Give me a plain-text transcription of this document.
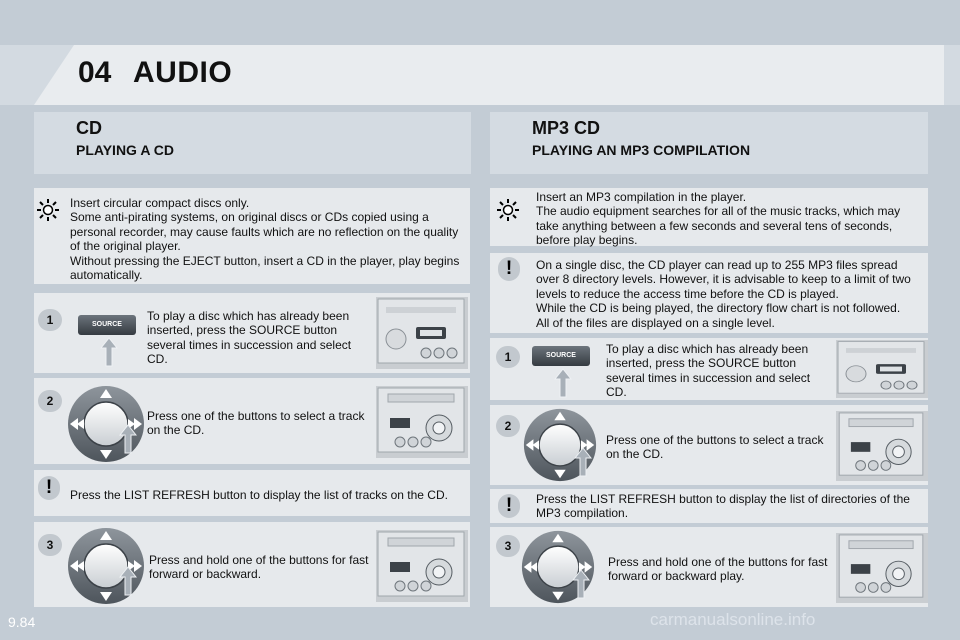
04 AUDIO
CD
PLAYING A CD
MP3 CD
PLAYING AN MP3 COMPILATION
Insert circular compact discs only.
Some anti-pirating systems, on original discs or CDs copied using a personal recorder, may cause faults which are no reflection on the quality of the original player.
Without pressing the EJECT button, insert a CD in the player, play begins automatically.
1	SOURCE
To play a disc which has already been inserted, press the SOURCE button several times in succession and select CD.
2
Press one of the buttons to select a track on the CD.
!	Press the LIST REFRESH button to display the list of tracks on the CD.
3
Press and hold one of the buttons for fast forward or backward.
Insert an MP3 compilation in the player.
The audio equipment searches for all of the music tracks, which may take anything between a few seconds and several tens of seconds, before play begins.
!	On a single disc, the CD player can read up to 255 MP3 files spread over 8 directory levels. However, it is advisable to keep to a limit of two levels to reduce the access time before the CD is played.
While the CD is being played, the directory flow chart is not followed.
All of the files are displayed on a single level.
1	SOURCE	To play a disc which has already been inserted, press the SOURCE button several times in succession and select CD.
2
Press one of the buttons to select a track on the CD.
!	Press the LIST REFRESH button to display the list of directories of the MP3 compilation.
3
Press and hold one of the buttons for fast forward or backward play.
9.84	carmanualsonline.info
